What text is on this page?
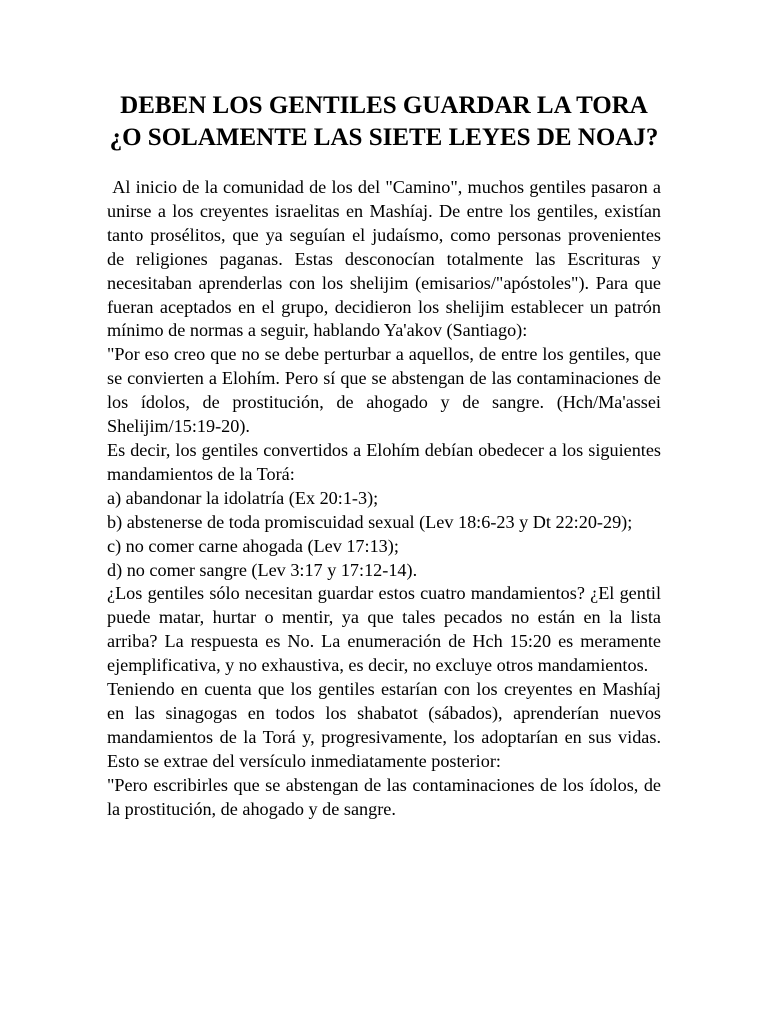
DEBEN LOS GENTILES GUARDAR LA TORA
¿O SOLAMENTE LAS SIETE LEYES DE NOAJ?

Al inicio de la comunidad de los del "Camino", muchos gentiles pasaron a unirse a los creyentes israelitas en Mashíaj. De entre los gentiles, existían tanto prosélitos, que ya seguían el judaísmo, como personas provenientes de religiones paganas. Estas desconocían totalmente las Escrituras y necesitaban aprenderlas con los shelijim (emisarios/"apóstoles"). Para que fueran aceptados en el grupo, decidieron los shelijim establecer un patrón mínimo de normas a seguir, hablando Ya'akov (Santiago):

"Por eso creo que no se debe perturbar a aquellos, de entre los gentiles, que se convierten a Elohím. Pero sí que se abstengan de las contaminaciones de los ídolos, de prostitución, de ahogado y de sangre. (Hch/Ma'assei Shelijim/15:19-20).

Es decir, los gentiles convertidos a Elohím debían obedecer a los siguientes mandamientos de la Torá:

a) abandonar la idolatría (Ex 20:1-3);

b) abstenerse de toda promiscuidad sexual (Lev 18:6-23 y Dt 22:20-29);

c) no comer carne ahogada (Lev 17:13);

d) no comer sangre (Lev 3:17 y 17:12-14).

¿Los gentiles sólo necesitan guardar estos cuatro mandamientos? ¿El gentil puede matar, hurtar o mentir, ya que tales pecados no están en la lista arriba? La respuesta es No. La enumeración de Hch 15:20 es meramente ejemplificativa, y no exhaustiva, es decir, no excluye otros mandamientos.

Teniendo en cuenta que los gentiles estarían con los creyentes en Mashíaj en las sinagogas en todos los shabatot (sábados), aprenderían nuevos mandamientos de la Torá y, progresivamente, los adoptarían en sus vidas. Esto se extrae del versículo inmediatamente posterior:

"Pero escribirles que se abstengan de las contaminaciones de los ídolos, de la prostitución, de ahogado y de sangre.
